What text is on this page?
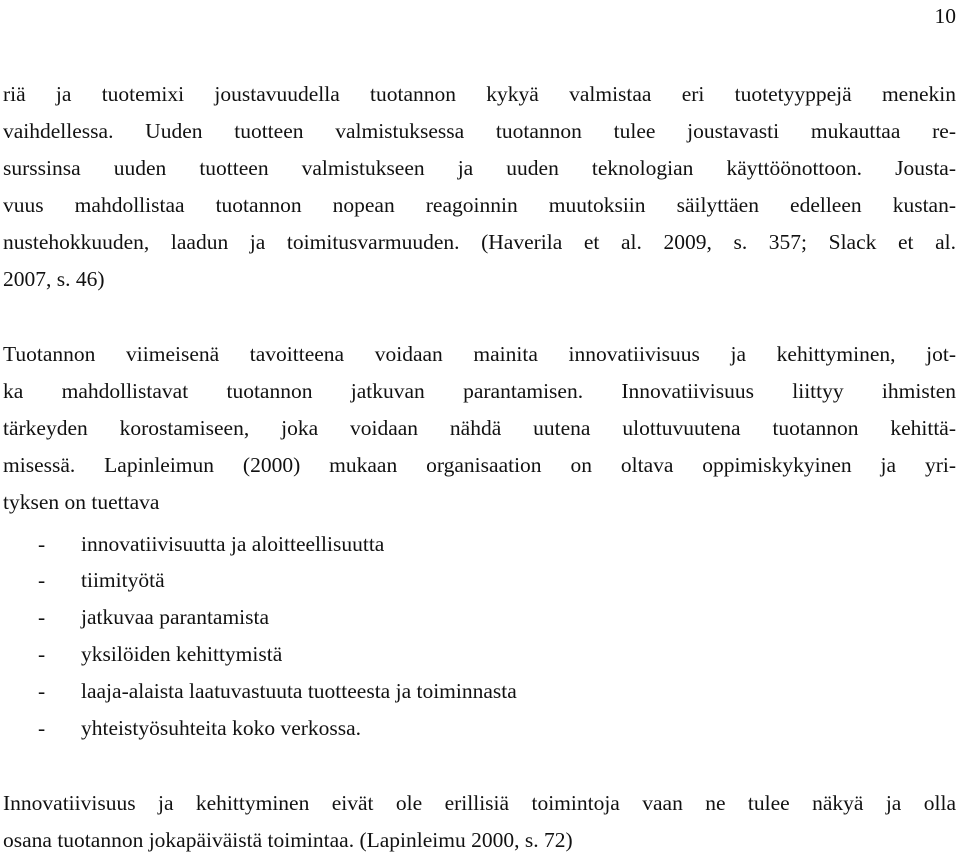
10
riä ja tuotemixi joustavuudella tuotannon kykyä valmistaa eri tuotetyyppejä menekin
vaihdellessa. Uuden tuotteen valmistuksessa tuotannon tulee joustavasti mukauttaa re-
surssinsa uuden tuotteen valmistukseen ja uuden teknologian käyttöönottoon. Jousta-
vuus mahdollistaa tuotannon nopean reagoinnin muutoksiin säilyttäen edelleen kustan-
nustehokkuuden, laadun ja toimitusvarmuuden. (Haverila et al. 2009, s. 357; Slack et al.
2007, s. 46)
Tuotannon viimeisenä tavoitteena voidaan mainita innovatiivisuus ja kehittyminen, jot-
ka mahdollistavat tuotannon jatkuvan parantamisen. Innovatiivisuus liittyy ihmisten
tärkeyden korostamiseen, joka voidaan nähdä uutena ulottuvuutena tuotannon kehittä-
misessä. Lapinleimun (2000) mukaan organisaation on oltava oppimiskykyinen ja yri-
tyksen on tuettava
- innovatiivisuutta ja aloitteellisuutta
- tiimityötä
- jatkuvaa parantamista
- yksilöiden kehittymistä
- laaja-alaista laatuvastuuta tuotteesta ja toiminnasta
- yhteistyösuhteita koko verkossa.
Innovatiivisuus ja kehittyminen eivät ole erillisiä toimintoja vaan ne tulee näkyä ja olla
osana tuotannon jokapäiväistä toimintaa. (Lapinleimu 2000, s. 72)
